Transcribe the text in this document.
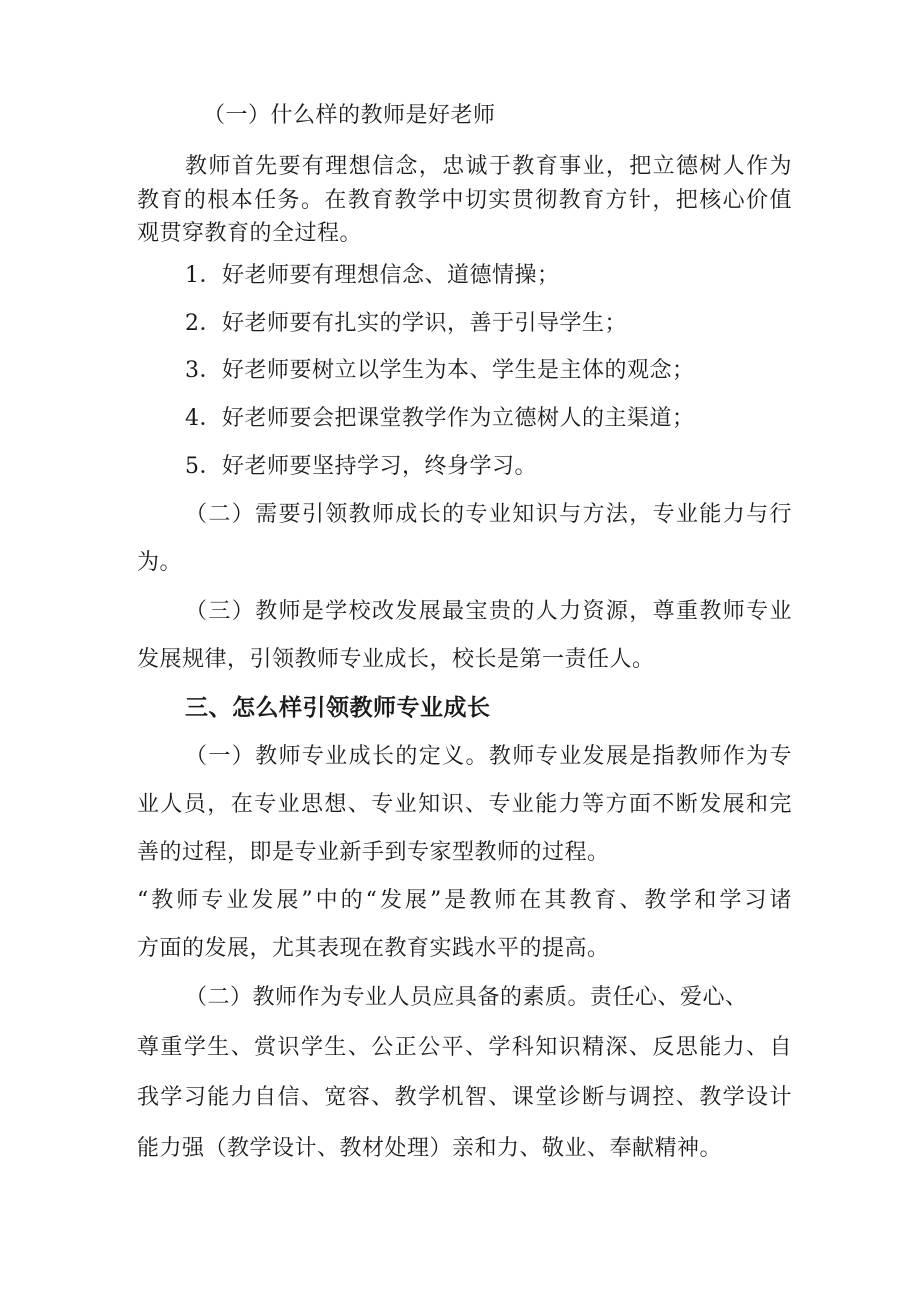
（一）什么样的教师是好老师
教师首先要有理想信念，忠诚于教育事业，把立德树人作为
教育的根本任务。在教育教学中切实贯彻教育方针，把核心价值
观贯穿教育的全过程。
1．好老师要有理想信念、道德情操；
2．好老师要有扎实的学识，善于引导学生；
3．好老师要树立以学生为本、学生是主体的观念；
4．好老师要会把课堂教学作为立德树人的主渠道；
5．好老师要坚持学习，终身学习。
（二）需要引领教师成长的专业知识与方法，专业能力与行
为。
（三）教师是学校改发展最宝贵的人力资源，尊重教师专业
发展规律，引领教师专业成长，校长是第一责任人。
三、怎么样引领教师专业成长
（一）教师专业成长的定义。教师专业发展是指教师作为专
业人员，在专业思想、专业知识、专业能力等方面不断发展和完
善的过程，即是专业新手到专家型教师的过程。
“教师专业发展”中的“发展”是教师在其教育、教学和学习诸
方面的发展，尤其表现在教育实践水平的提高。
（二）教师作为专业人员应具备的素质。责任心、爱心、
尊重学生、赏识学生、公正公平、学科知识精深、反思能力、自
我学习能力自信、宽容、教学机智、课堂诊断与调控、教学设计
能力强（教学设计、教材处理）亲和力、敬业、奉献精神。
